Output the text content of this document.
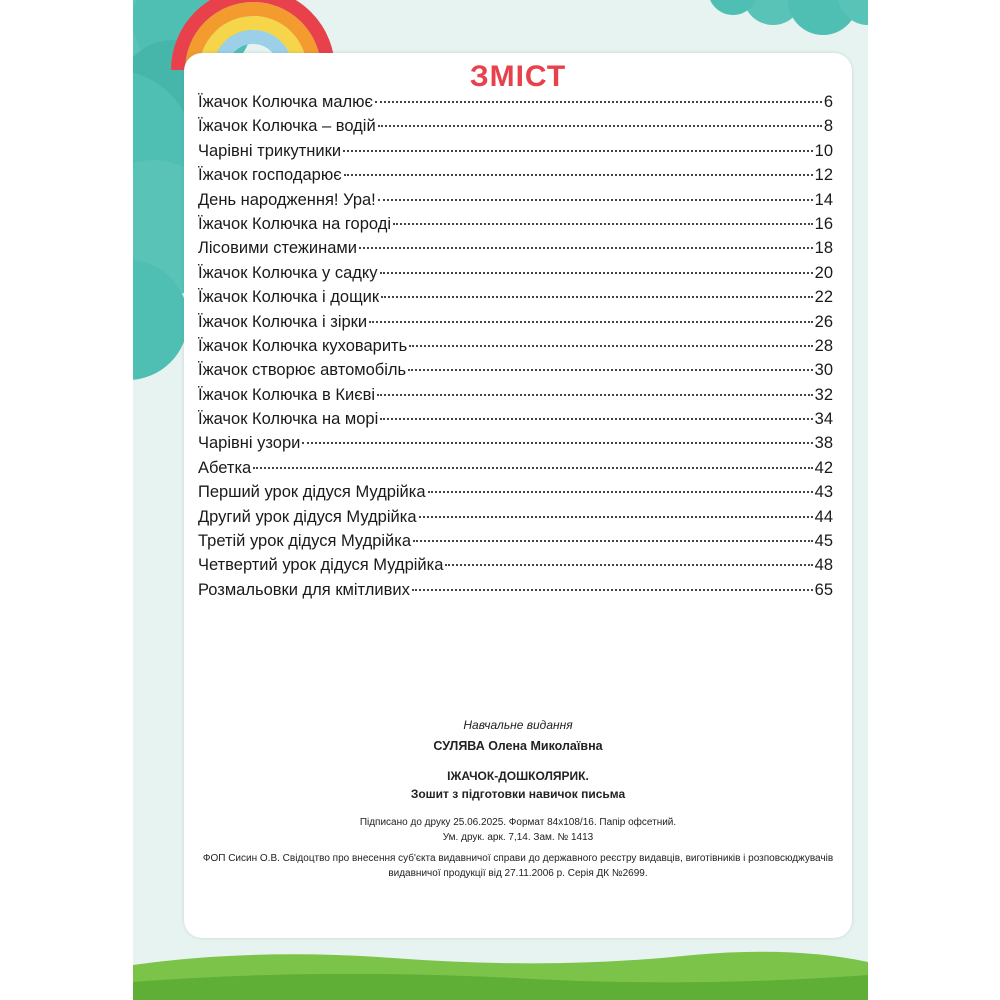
ЗМІСТ
Їжачок Колючка малює	6
Їжачок Колючка – водій	8
Чарівні трикутники	10
Їжачок господарює	12
День народження! Ура!	14
Їжачок Колючка на городі	16
Лісовими стежинами	18
Їжачок Колючка у садку	20
Їжачок Колючка і дощик	22
Їжачок Колючка і зірки	26
Їжачок Колючка куховарить	28
Їжачок створює автомобіль	30
Їжачок Колючка в Києві	32
Їжачок Колючка на морі	34
Чарівні узори	38
Абетка	42
Перший урок дідуся Мудрійка	43
Другий урок дідуся Мудрійка	44
Третій урок дідуся Мудрійка	45
Четвертий урок дідуся Мудрійка	48
Розмальовки для кмітливих	65
Навчальне видання
СУЛЯВА Олена Миколаївна
ІЖАЧОК-ДОШКОЛЯРИК.
Зошит з підготовки навичок письма
Підписано до друку 25.06.2025. Формат 84х108/16. Папір офсетний.
Ум. друк. арк. 7,14. Зам. № 1413
ФОП Сисин О.В. Свідоцтво про внесення суб'єкта видавничої справи до державного реєстру видавців, виготівників і розповсюджувачів видавничої продукції від 27.11.2006 р. Серія ДК №2699.
